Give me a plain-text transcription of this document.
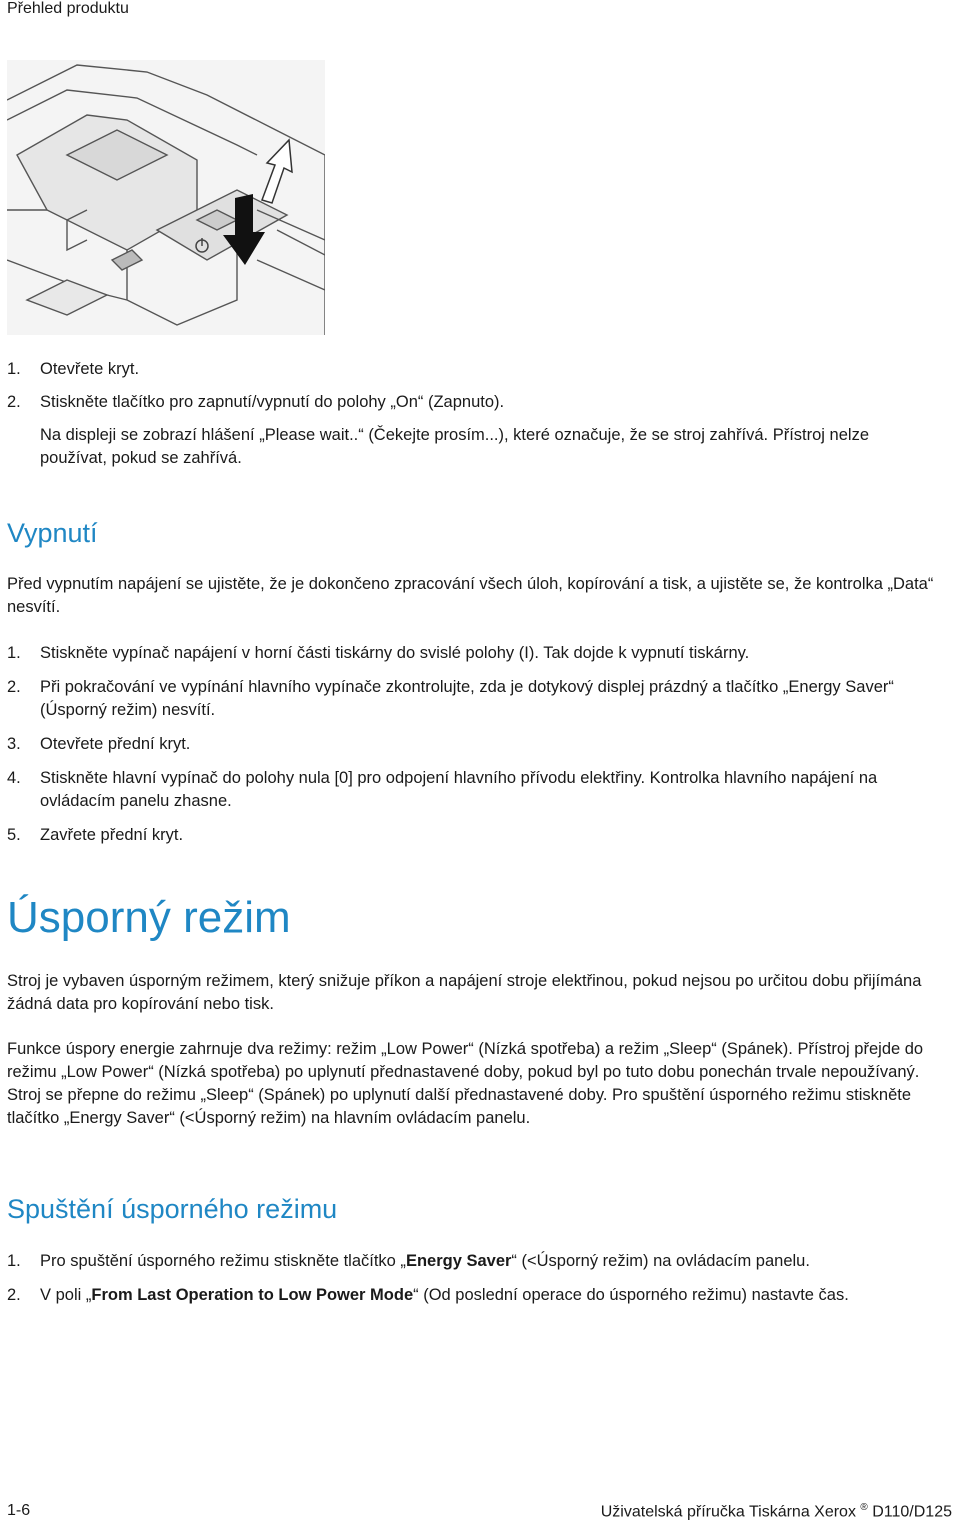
Přehled produktu
1.	Otevřete kryt.
2.	Stiskněte tlačítko pro zapnutí/vypnutí do polohy „On“ (Zapnuto).
Na displeji se zobrazí hlášení „Please wait..“ (Čekejte prosím...), které označuje, že se stroj zahřívá. Přístroj nelze používat, pokud se zahřívá.
Vypnutí

Před vypnutím napájení se ujistěte, že je dokončeno zpracování všech úloh, kopírování a tisk, a ujistěte se, že kontrolka „Data“ nesvítí.

1.	Stiskněte vypínač napájení v horní části tiskárny do svislé polohy (I). Tak dojde k vypnutí tiskárny.
2.	Při pokračování ve vypínání hlavního vypínače zkontrolujte, zda je dotykový displej prázdný a tlačítko „Energy Saver“ (Úsporný režim) nesvítí.
3.	Otevřete přední kryt.
4.	Stiskněte hlavní vypínač do polohy nula [0] pro odpojení hlavního přívodu elektřiny. Kontrolka hlavního napájení na ovládacím panelu zhasne.
5.	Zavřete přední kryt.
Úsporný režim

Stroj je vybaven úsporným režimem, který snižuje příkon a napájení stroje elektřinou, pokud nejsou po určitou dobu přijímána žádná data pro kopírování nebo tisk.

Funkce úspory energie zahrnuje dva režimy: režim „Low Power“ (Nízká spotřeba) a režim „Sleep“ (Spánek). Přístroj přejde do režimu „Low Power“ (Nízká spotřeba) po uplynutí přednastavené doby, pokud byl po tuto dobu ponechán trvale nepoužívaný. Stroj se přepne do režimu „Sleep“ (Spánek) po uplynutí další přednastavené doby. Pro spuštění úsporného režimu stiskněte tlačítko „Energy Saver“ (<Úsporný režim) na hlavním ovládacím panelu.

Spuštění úsporného režimu
1.	Pro spuštění úsporného režimu stiskněte tlačítko „Energy Saver“ (<Úsporný režim) na ovládacím panelu.
2.	V poli „From Last Operation to Low Power Mode“ (Od poslední operace do úsporného režimu) nastavte čas.
1-6	Uživatelská příručka Tiskárna Xerox ® D110/D125
